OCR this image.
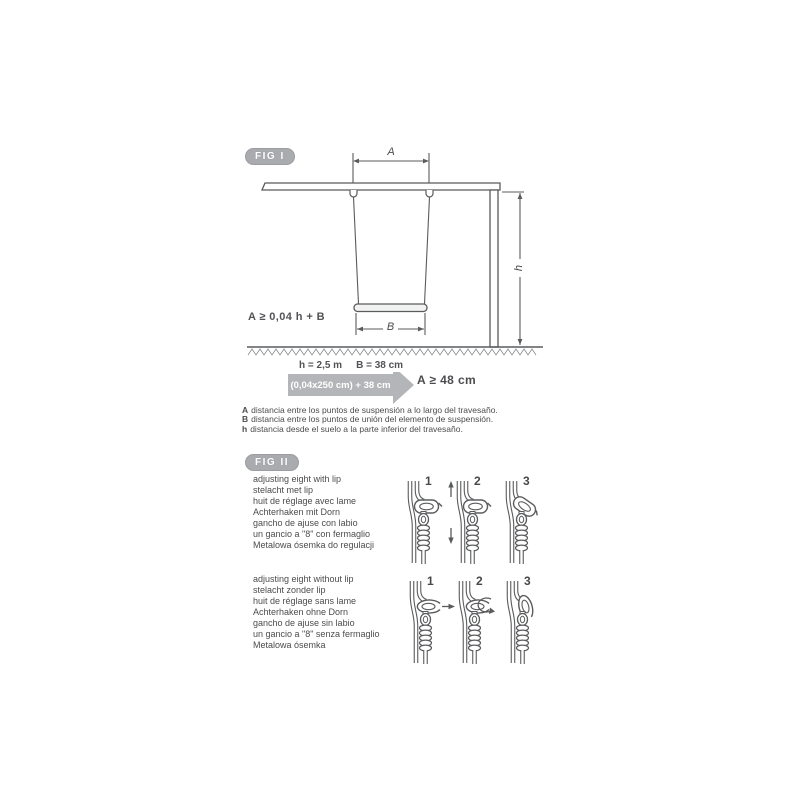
FIG I	A
B
h
A ≥ 0,04 h + B
h = 2,5 m B = 38 cm
(0,04x250 cm) + 38 cm A ≥ 48 cm
A distancia entre los puntos de suspensión a lo largo del travesaño.
B distancia entre los puntos de unión del elemento de suspensión.
h distancia desde el suelo a la parte inferior del travesaño.
FIG II
adjusting eight with lip
stelacht met lip
huit de réglage avec lame
Achterhaken mit Dorn
gancho de ajuse con labio
un gancio a "8" con fermaglio
Metalowa ósemka do regulacji
1	2	3
adjusting eight without lip
stelacht zonder lip
huit de réglage sans lame
Achterhaken ohne Dorn
gancho de ajuse sin labio
un gancio a "8" senza fermaglio
Metalowa ósemka
1	2	3
